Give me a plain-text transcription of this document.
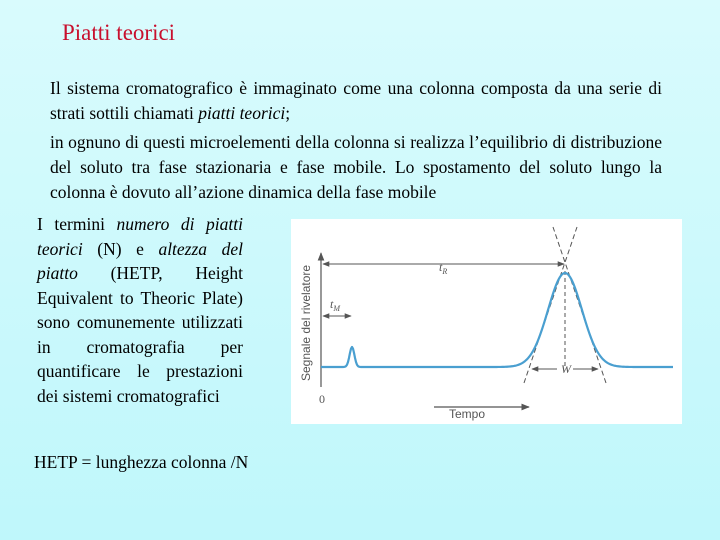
Piatti teorici

Il sistema cromatografico è immaginato come una colonna composta da una serie di strati sottili chiamati piatti teorici;

in ognuno di questi microelementi della colonna si realizza l’equilibrio di distribuzione del soluto tra fase stazionaria e fase mobile. Lo spostamento del soluto lungo la colonna è dovuto all’azione dinamica della fase mobile

I termini numero di piatti teorici (N) e altezza del piatto (HETP, Height Equivalent to Theoric Plate) sono comunemente utilizzati in cromatografia per quantificare le prestazioni dei sistemi cromatografici
Segnale del rivelatore
0
Tempo
$t_R$
$t_M$
W
HETP = lunghezza colonna /N
